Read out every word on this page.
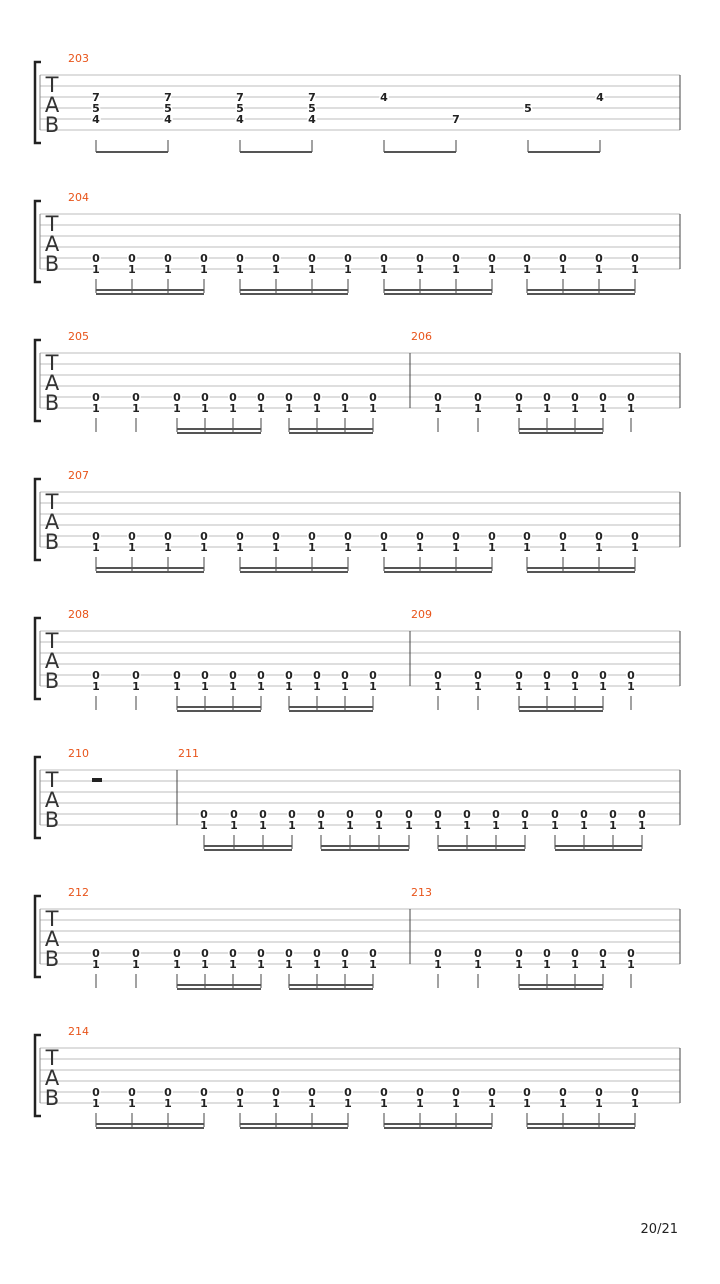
T
A
B
203
7
5
4
7
5
4
7
5
4
7
5
4
4
7
5
4
T
A
B
204
0
1
0
1
0
1
0
1
0
1
0
1
0
1
0
1
0
1
0
1
0
1
0
1
0
1
0
1
0
1
0
1
T
A
B
205
0
1
0
1
0
1
0
1
0
1
0
1
0
1
0
1
0
1
0
1
206
0
1
0
1
0
1
0
1
0
1
0
1
0
1
T
A
B
207
0
1
0
1
0
1
0
1
0
1
0
1
0
1
0
1
0
1
0
1
0
1
0
1
0
1
0
1
0
1
0
1
T
A
B
208
0
1
0
1
0
1
0
1
0
1
0
1
0
1
0
1
0
1
0
1
209
0
1
0
1
0
1
0
1
0
1
0
1
0
1
T
A
B
210	211
0
1
0
1
0
1
0
1
0
1
0
1
0
1
0
1
0
1
0
1
0
1
0
1
0
1
0
1
0
1
0
1
T
A
B
212
0
1
0
1
0
1
0
1
0
1
0
1
0
1
0
1
0
1
0
1
213
0
1
0
1
0
1
0
1
0
1
0
1
0
1
T
A
B
214
0
1
0
1
0
1
0
1
0
1
0
1
0
1
0
1
0
1
0
1
0
1
0
1
0
1
0
1
0
1
0
1
20/21
